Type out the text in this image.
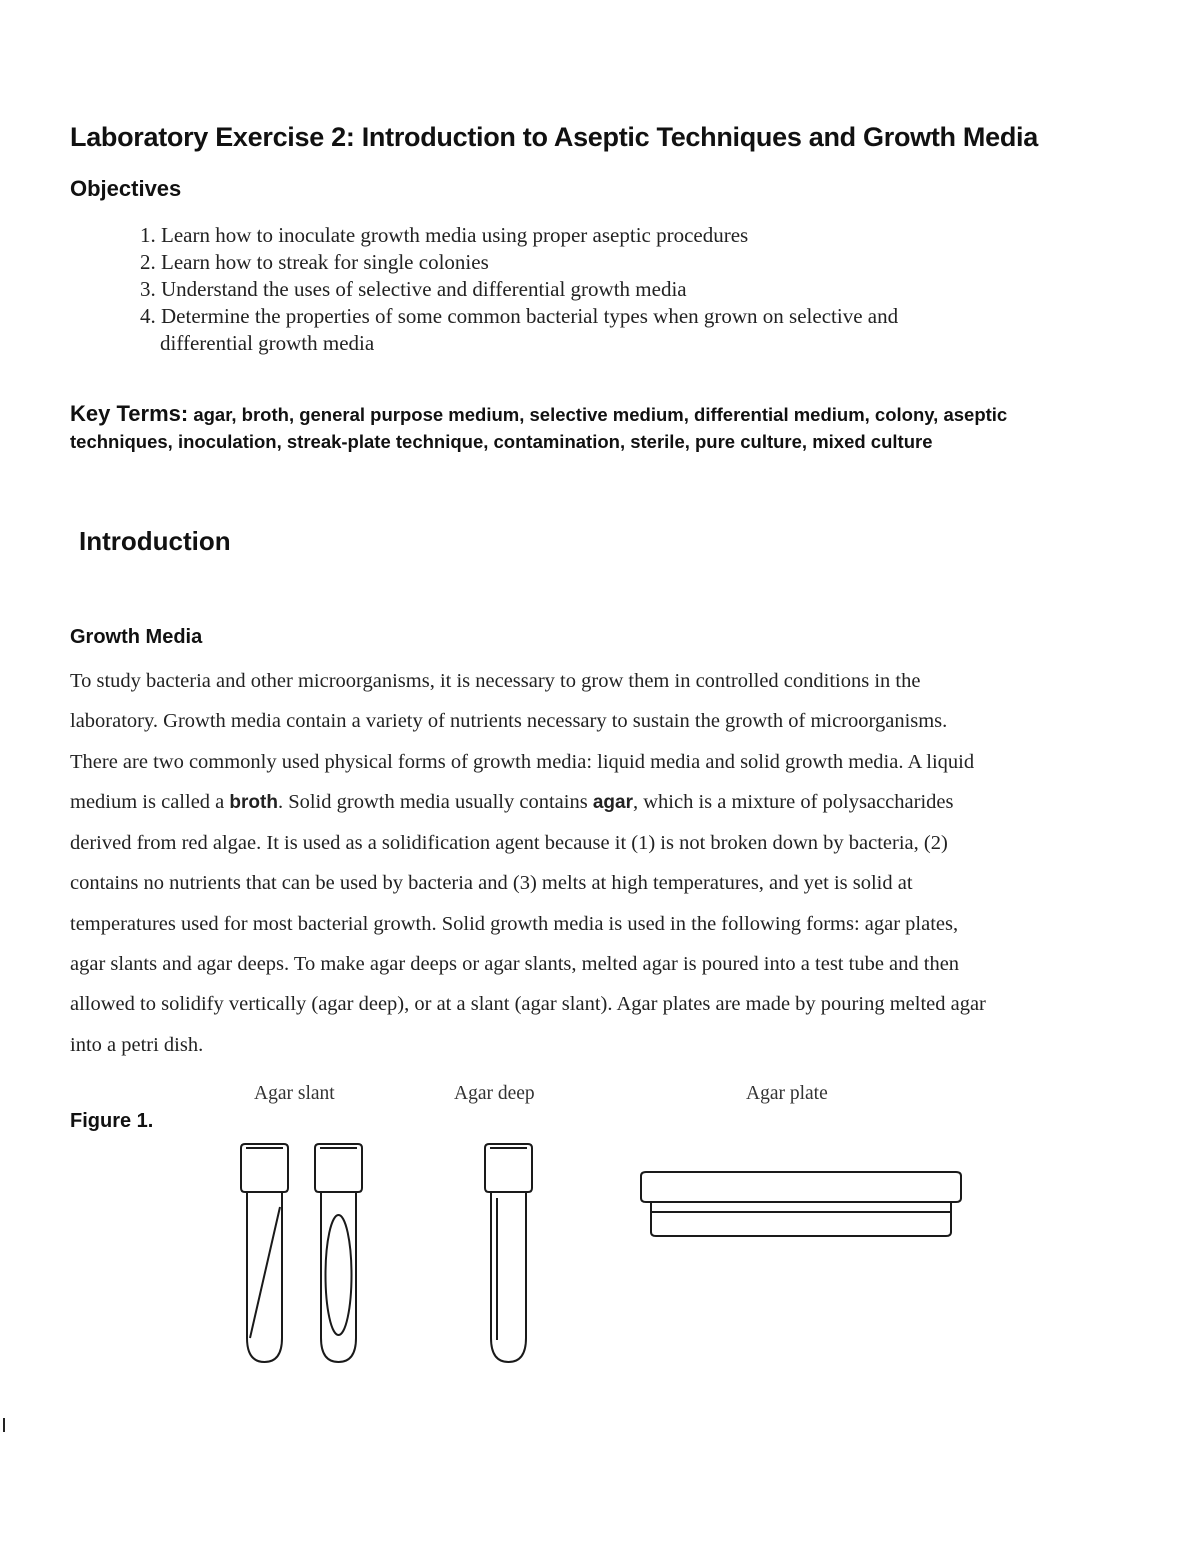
Laboratory Exercise 2: Introduction to Aseptic Techniques and Growth Media
Objectives
1. Learn how to inoculate growth media using proper aseptic procedures
2. Learn how to streak for single colonies
3. Understand the uses of selective and differential growth media
4. Determine the properties of some common bacterial types when grown on selective and
differential growth media
Key Terms: agar, broth, general purpose medium, selective medium, differential medium, colony, aseptic techniques, inoculation, streak-plate technique, contamination, sterile, pure culture, mixed culture
Introduction
Growth Media
To study bacteria and other microorganisms, it is necessary to grow them in controlled conditions in the
laboratory. Growth media contain a variety of nutrients necessary to sustain the growth of microorganisms.
There are two commonly used physical forms of growth media: liquid media and solid growth media. A liquid
medium is called a broth. Solid growth media usually contains agar, which is a mixture of polysaccharides
derived from red algae. It is used as a solidification agent because it (1) is not broken down by bacteria, (2)
contains no nutrients that can be used by bacteria and (3) melts at high temperatures, and yet is solid at
temperatures used for most bacterial growth. Solid growth media is used in the following forms: agar plates,
agar slants and agar deeps. To make agar deeps or agar slants, melted agar is poured into a test tube and then
allowed to solidify vertically (agar deep), or at a slant (agar slant). Agar plates are made by pouring melted agar
into a petri dish.
Figure 1.
Agar slant	Agar deep	Agar plate
